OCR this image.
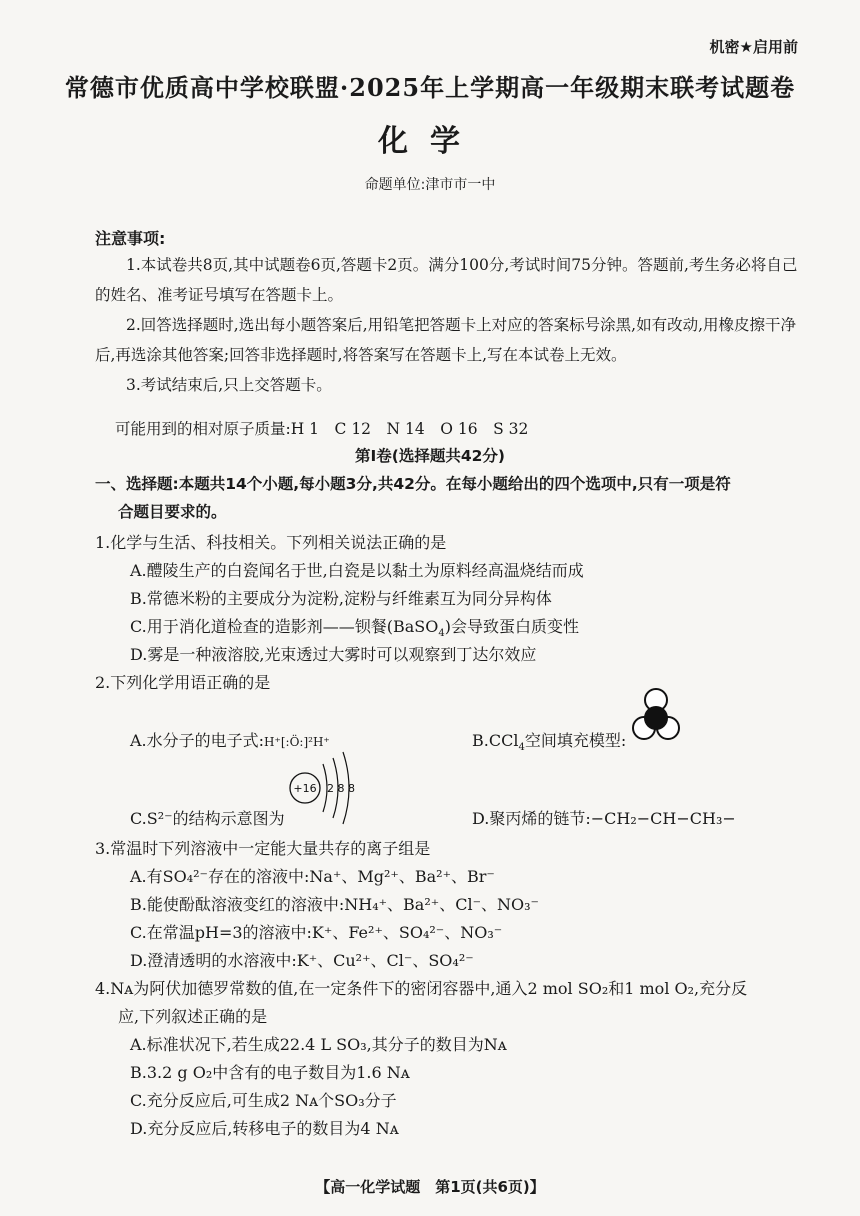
机密★启用前
常德市优质高中学校联盟·2025年上学期高一年级期末联考试题卷
化学
命题单位:津市市一中
注意事项:
1.本试卷共8页,其中试题卷6页,答题卡2页。满分100分,考试时间75分钟。答题前,考生务必将自己的姓名、准考证号填写在答题卡上。
2.回答选择题时,选出每小题答案后,用铅笔把答题卡上对应的答案标号涂黑,如有改动,用橡皮擦干净后,再选涂其他答案;回答非选择题时,将答案写在答题卡上,写在本试卷上无效。
3.考试结束后,只上交答题卡。
可能用到的相对原子质量:H 1　C 12　N 14　O 16　S 32
第Ⅰ卷(选择题共42分)
一、选择题:本题共14个小题,每小题3分,共42分。在每小题给出的四个选项中,只有一项是符
合题目要求的。
1.化学与生活、科技相关。下列相关说法正确的是
A.醴陵生产的白瓷闻名于世,白瓷是以黏土为原料经高温烧结而成
B.常德米粉的主要成分为淀粉,淀粉与纤维素互为同分异构体
C.用于消化道检查的造影剂——钡餐(BaSO$_4$)会导致蛋白质变性
D.雾是一种液溶胶,光束透过大雾时可以观察到丁达尔效应
2.下列化学用语正确的是
A.水分子的电子式:H⁺[:Ö:]²H⁺	B.CCl$_4$空间填充模型:
C.S²⁻的结构示意图为
+16 2 8 8
D.聚丙烯的链节:−CH₂−CH−CH₃−
3.常温时下列溶液中一定能大量共存的离子组是
A.有SO₄²⁻存在的溶液中:Na⁺、Mg²⁺、Ba²⁺、Br⁻
B.能使酚酞溶液变红的溶液中:NH₄⁺、Ba²⁺、Cl⁻、NO₃⁻
C.在常温pH=3的溶液中:K⁺、Fe²⁺、SO₄²⁻、NO₃⁻
D.澄清透明的水溶液中:K⁺、Cu²⁺、Cl⁻、SO₄²⁻
4.Nᴀ为阿伏加德罗常数的值,在一定条件下的密闭容器中,通入2 mol SO₂和1 mol O₂,充分反
应,下列叙述正确的是
A.标准状况下,若生成22.4 L SO₃,其分子的数目为Nᴀ
B.3.2 g O₂中含有的电子数目为1.6 Nᴀ
C.充分反应后,可生成2 Nᴀ个SO₃分子
D.充分反应后,转移电子的数目为4 Nᴀ
【高一化学试题　第1页(共6页)】
